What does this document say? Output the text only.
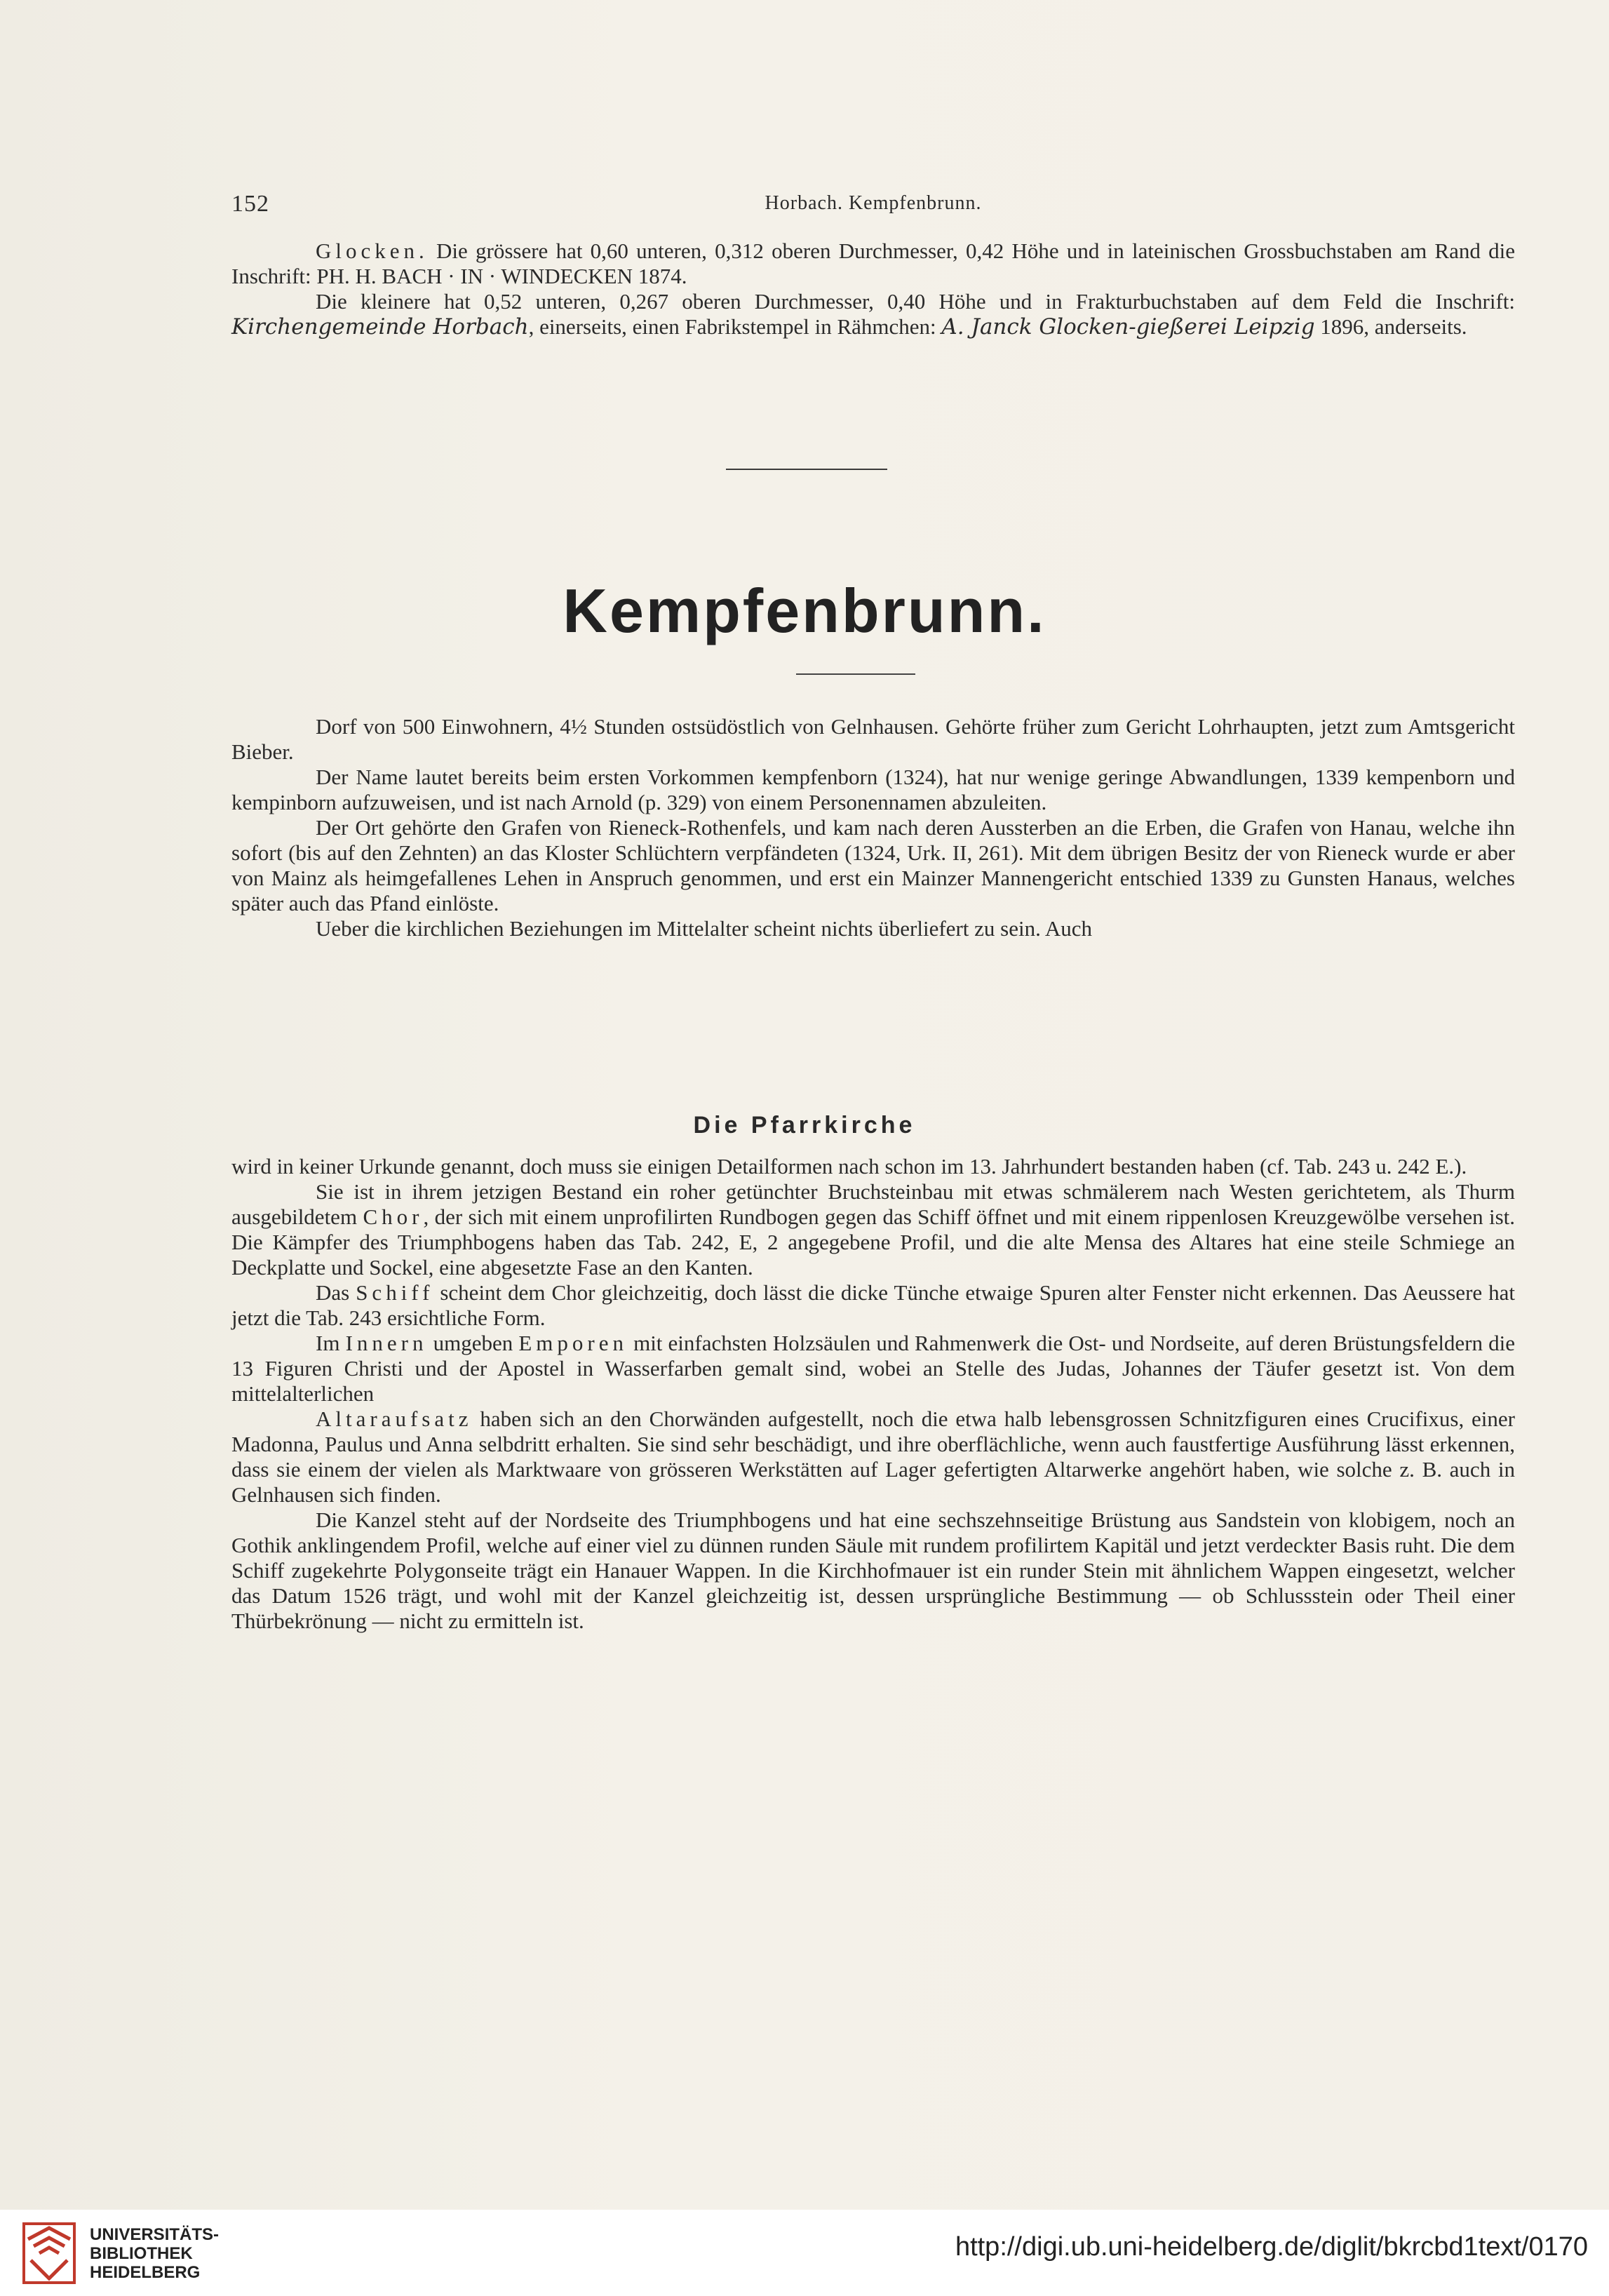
152	Horbach. Kempfenbrunn.

Glocken. Die grössere hat 0,60 unteren, 0,312 oberen Durchmesser, 0,42 Höhe und in lateinischen Grossbuchstaben am Rand die Inschrift: PH. H. BACH · IN · WINDECKEN 1874.

Die kleinere hat 0,52 unteren, 0,267 oberen Durchmesser, 0,40 Höhe und in Frakturbuchstaben auf dem Feld die Inschrift: Kirchengemeinde Horbach, einerseits, einen Fabrikstempel in Rähmchen: A. Janck Glocken-gießerei Leipzig 1896, anderseits.

Kempfenbrunn.

Dorf von 500 Einwohnern, 4½ Stunden ostsüdöstlich von Gelnhausen. Gehörte früher zum Gericht Lohrhaupten, jetzt zum Amtsgericht Bieber.

Der Name lautet bereits beim ersten Vorkommen kempfenborn (1324), hat nur wenige geringe Abwandlungen, 1339 kempenborn und kempinborn aufzuweisen, und ist nach Arnold (p. 329) von einem Personennamen abzuleiten.

Der Ort gehörte den Grafen von Rieneck-Rothenfels, und kam nach deren Aussterben an die Erben, die Grafen von Hanau, welche ihn sofort (bis auf den Zehnten) an das Kloster Schlüchtern verpfändeten (1324, Urk. II, 261). Mit dem übrigen Besitz der von Rieneck wurde er aber von Mainz als heimgefallenes Lehen in Anspruch genommen, und erst ein Mainzer Mannengericht entschied 1339 zu Gunsten Hanaus, welches später auch das Pfand einlöste.

Ueber die kirchlichen Beziehungen im Mittelalter scheint nichts überliefert zu sein. Auch

Die Pfarrkirche

wird in keiner Urkunde genannt, doch muss sie einigen Detailformen nach schon im 13. Jahrhundert bestanden haben (cf. Tab. 243 u. 242 E.).

Sie ist in ihrem jetzigen Bestand ein roher getünchter Bruchsteinbau mit etwas schmälerem nach Westen gerichtetem, als Thurm ausgebildetem Chor, der sich mit einem unprofilirten Rundbogen gegen das Schiff öffnet und mit einem rippenlosen Kreuzgewölbe versehen ist. Die Kämpfer des Triumphbogens haben das Tab. 242, E, 2 angegebene Profil, und die alte Mensa des Altares hat eine steile Schmiege an Deckplatte und Sockel, eine abgesetzte Fase an den Kanten.

Das Schiff scheint dem Chor gleichzeitig, doch lässt die dicke Tünche etwaige Spuren alter Fenster nicht erkennen. Das Aeussere hat jetzt die Tab. 243 ersichtliche Form.

Im Innern umgeben Emporen mit einfachsten Holzsäulen und Rahmenwerk die Ost- und Nordseite, auf deren Brüstungsfeldern die 13 Figuren Christi und der Apostel in Wasserfarben gemalt sind, wobei an Stelle des Judas, Johannes der Täufer gesetzt ist. Von dem mittelalterlichen

Altaraufsatz haben sich an den Chorwänden aufgestellt, noch die etwa halb lebensgrossen Schnitzfiguren eines Crucifixus, einer Madonna, Paulus und Anna selbdritt erhalten. Sie sind sehr beschädigt, und ihre oberflächliche, wenn auch faustfertige Ausführung lässt erkennen, dass sie einem der vielen als Marktwaare von grösseren Werkstätten auf Lager gefertigten Altarwerke angehört haben, wie solche z. B. auch in Gelnhausen sich finden.

Die Kanzel steht auf der Nordseite des Triumphbogens und hat eine sechszehnseitige Brüstung aus Sandstein von klobigem, noch an Gothik anklingendem Profil, welche auf einer viel zu dünnen runden Säule mit rundem profilirtem Kapitäl und jetzt verdeckter Basis ruht. Die dem Schiff zugekehrte Polygonseite trägt ein Hanauer Wappen. In die Kirchhofmauer ist ein runder Stein mit ähnlichem Wappen eingesetzt, welcher das Datum 1526 trägt, und wohl mit der Kanzel gleichzeitig ist, dessen ursprüngliche Bestimmung — ob Schlussstein oder Theil einer Thürbekrönung — nicht zu ermitteln ist.

UNIVERSITÄTS-
BIBLIOTHEK
HEIDELBERG
http://digi.ub.uni-heidelberg.de/diglit/bkrcbd1text/0170
